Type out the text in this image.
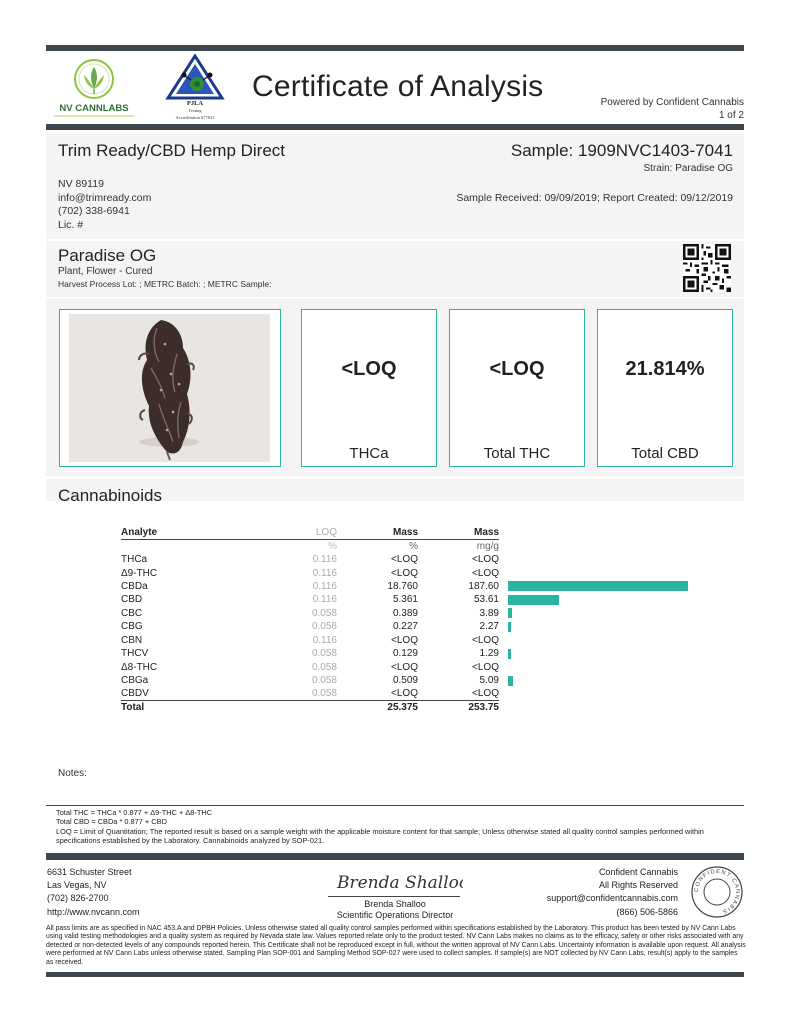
NV CANNLABS	PJLA
Testing
Accreditation #77653
Certificate of Analysis	Powered by Confident Cannabis
1 of 2
Trim Ready/CBD Hemp Direct	Sample: 1909NVC1403-7041
Strain: Paradise OG
NV 89119
info@trimready.com
(702) 338-6941
Lic. #
Sample Received: 09/09/2019; Report Created: 09/12/2019
Paradise OG
Plant, Flower - Cured
Harvest Process Lot: ; METRC Batch: ; METRC Sample:
<LOQ
THCa
<LOQ
Total THC
21.814%
Total CBD
Cannabinoids
Analyte	LOQ	Mass	Mass	
	%	%	mg/g	
THCa	0.116	<LOQ	<LOQ	
Δ9-THC	0.116	<LOQ	<LOQ	
CBDa	0.116	18.760	187.60	

CBD	0.116	5.361	53.61	

CBC	0.058	0.389	3.89	

CBG	0.058	0.227	2.27	

CBN	0.116	<LOQ	<LOQ	
THCV	0.058	0.129	1.29	

Δ8-THC	0.058	<LOQ	<LOQ	
CBGa	0.058	0.509	5.09	

CBDV	0.058	<LOQ	<LOQ	
Total		25.375	253.75	
Notes:
Total THC = THCa * 0.877 + Δ9-THC + Δ8-THC
Total CBD = CBDa * 0.877 + CBD
LOQ = Limit of Quantitation; The reported result is based on a sample weight with the applicable moisture content for that sample; Unless otherwise stated all quality control samples performed within specifications established by the Laboratory. Cannabinoids analyzed by SOP-021.
6631 Schuster Street
Las Vegas, NV
(702) 826-2700
http://www.nvcann.com
Brenda Shalloo
Brenda Shalloo
Scientific Operations Director
Confident Cannabis
All Rights Reserved
support@confidentcannabis.com
(866) 506-5866
CONFIDENT CANNABIS
All pass limits are as specified in NAC 453.A and DPBH Policies. Unless otherwise stated all quality control samples performed within specifications established by the Laboratory. This product has been tested by NV Cann Labs using valid testing methodologies and a quality system as required by Nevada state law. Values reported relate only to the product tested. NV Cann Labs makes no claims as to the efficacy, safety or other risks associated with any detected or non-detected levels of any compounds reported herein. This Certificate shall not be reproduced except in full, without the written approval of NV Cann Labs. Uncertainty information is available upon request. All analysis were performed at NV Cann Labs unless otherwise stated. Sampling Plan SOP-001 and Sampling Method SOP-027 were used to collect samples. If sample(s) are NOT collected by NV Cann Labs, result(s) apply to the samples as received.
